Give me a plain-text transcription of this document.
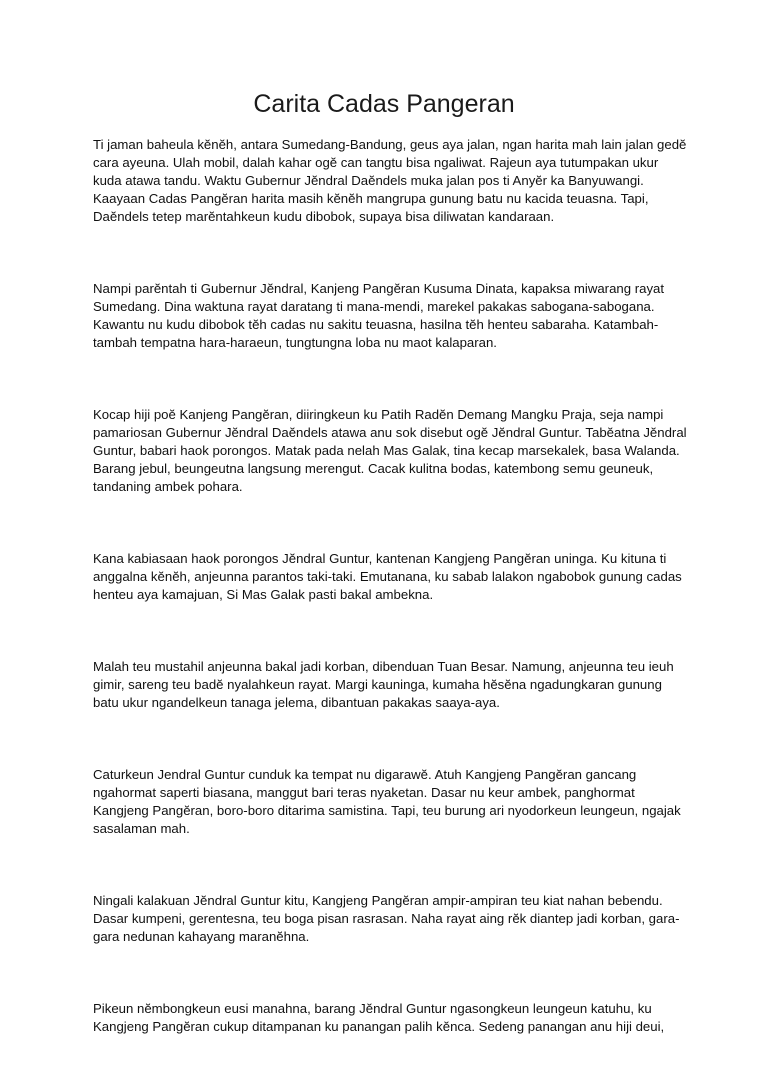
Carita Cadas Pangeran

Ti jaman baheula kĕnĕh, antara Sumedang-Bandung, geus aya jalan, ngan harita mah lain jalan gedĕ
cara ayeuna. Ulah mobil, dalah kahar ogĕ can tangtu bisa ngaliwat. Rajeun aya tutumpakan ukur
kuda atawa tandu. Waktu Gubernur Jĕndral Daĕndels muka jalan pos ti Anyĕr ka Banyuwangi.
Kaayaan Cadas Pangĕran harita masih kĕnĕh mangrupa gunung batu nu kacida teuasna. Tapi,
Daĕndels tetep marĕntahkeun kudu dibobok, supaya bisa diliwatan kandaraan.

Nampi parĕntah ti Gubernur Jĕndral, Kanjeng Pangĕran Kusuma Dinata, kapaksa miwarang rayat
Sumedang. Dina waktuna rayat daratang ti mana-mendi, marekel pakakas sabogana-sabogana.
Kawantu nu kudu dibobok tĕh cadas nu sakitu teuasna, hasilna tĕh henteu sabaraha. Katambah-
tambah tempatna hara-haraeun, tungtungna loba nu maot kalaparan.

Kocap hiji poĕ Kanjeng Pangĕran, diiringkeun ku Patih Radĕn Demang Mangku Praja, seja nampi
pamariosan Gubernur Jĕndral Daĕndels atawa anu sok disebut ogĕ Jĕndral Guntur. Tabĕatna Jĕndral
Guntur, babari haok porongos. Matak pada nelah Mas Galak, tina kecap marsekalek, basa Walanda.
Barang jebul, beungeutna langsung merengut. Cacak kulitna bodas, katembong semu geuneuk,
tandaning ambek pohara.

Kana kabiasaan haok porongos Jĕndral Guntur, kantenan Kangjeng Pangĕran uninga. Ku kituna ti
anggalna kĕnĕh, anjeunna parantos taki-taki. Emutanana, ku sabab lalakon ngabobok gunung cadas
henteu aya kamajuan, Si Mas Galak pasti bakal ambekna.

Malah teu mustahil anjeunna bakal jadi korban, dibenduan Tuan Besar. Namung, anjeunna teu ieuh
gimir, sareng teu badĕ nyalahkeun rayat. Margi kauninga, kumaha hĕsĕna ngadungkaran gunung
batu ukur ngandelkeun tanaga jelema, dibantuan pakakas saaya-aya.

Caturkeun Jendral Guntur cunduk ka tempat nu digarawĕ. Atuh Kangjeng Pangĕran gancang
ngahormat saperti biasana, manggut bari teras nyaketan. Dasar nu keur ambek, panghormat
Kangjeng Pangĕran, boro-boro ditarima samistina. Tapi, teu burung ari nyodorkeun leungeun, ngajak
sasalaman mah.

Ningali kalakuan Jĕndral Guntur kitu, Kangjeng Pangĕran ampir-ampiran teu kiat nahan bebendu.
Dasar kumpeni, gerentesna, teu boga pisan rasrasan. Naha rayat aing rĕk diantep jadi korban, gara-
gara nedunan kahayang maranĕhna.

Pikeun nĕmbongkeun eusi manahna, barang Jĕndral Guntur ngasongkeun leungeun katuhu, ku
Kangjeng Pangĕran cukup ditampanan ku panangan palih kĕnca. Sedeng panangan anu hiji deui,
